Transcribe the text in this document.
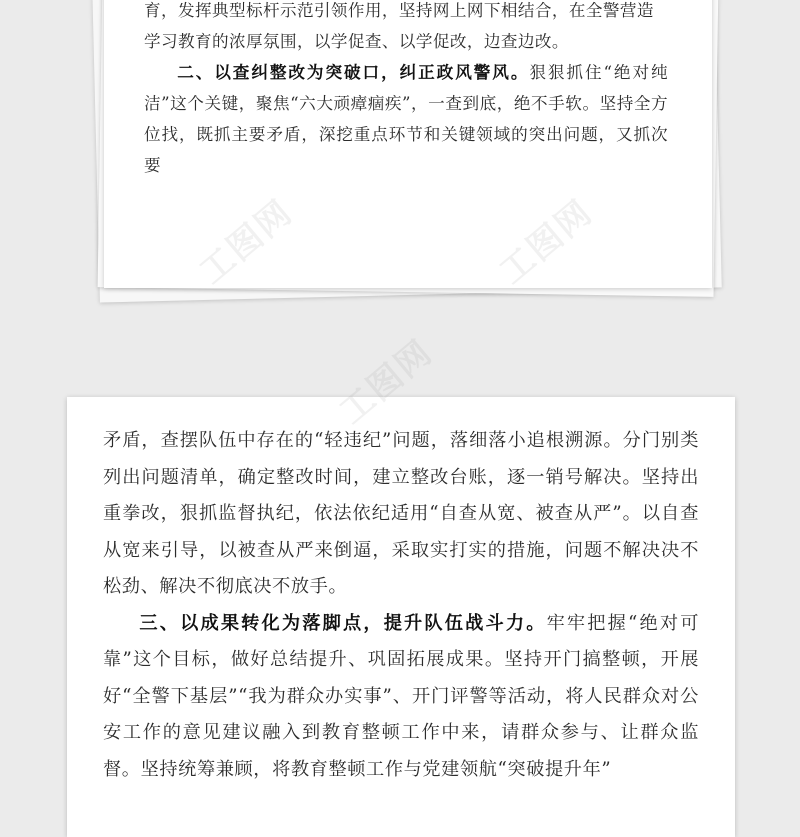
育，发挥典型标杆示范引领作用，坚持网上网下相结合，在全警营造

学习教育的浓厚氛围，以学促查、以学促改，边查边改。

二、以查纠整改为突破口，纠正政风警风。狠狠抓住“绝对纯洁”这个关键，聚焦“六大顽瘴痼疾”，一查到底，绝不手软。坚持全方位找，既抓主要矛盾，深挖重点环节和关键领域的突出问题，又抓次要

矛盾，查摆队伍中存在的“轻违纪”问题，落细落小追根溯源。分门别类列出问题清单，确定整改时间，建立整改台账，逐一销号解决。坚持出重拳改，狠抓监督执纪，依法依纪适用“自查从宽、被查从严”。以自查从宽来引导，以被查从严来倒逼，采取实打实的措施，问题不解决决不松劲、解决不彻底决不放手。

三、以成果转化为落脚点，提升队伍战斗力。牢牢把握“绝对可靠”这个目标，做好总结提升、巩固拓展成果。坚持开门搞整顿，开展好“全警下基层”“我为群众办实事”、开门评警等活动，将人民群众对公安工作的意见建议融入到教育整顿工作中来，请群众参与、让群众监督。坚持统筹兼顾，将教育整顿工作与党建领航“突破提升年”

工图网
